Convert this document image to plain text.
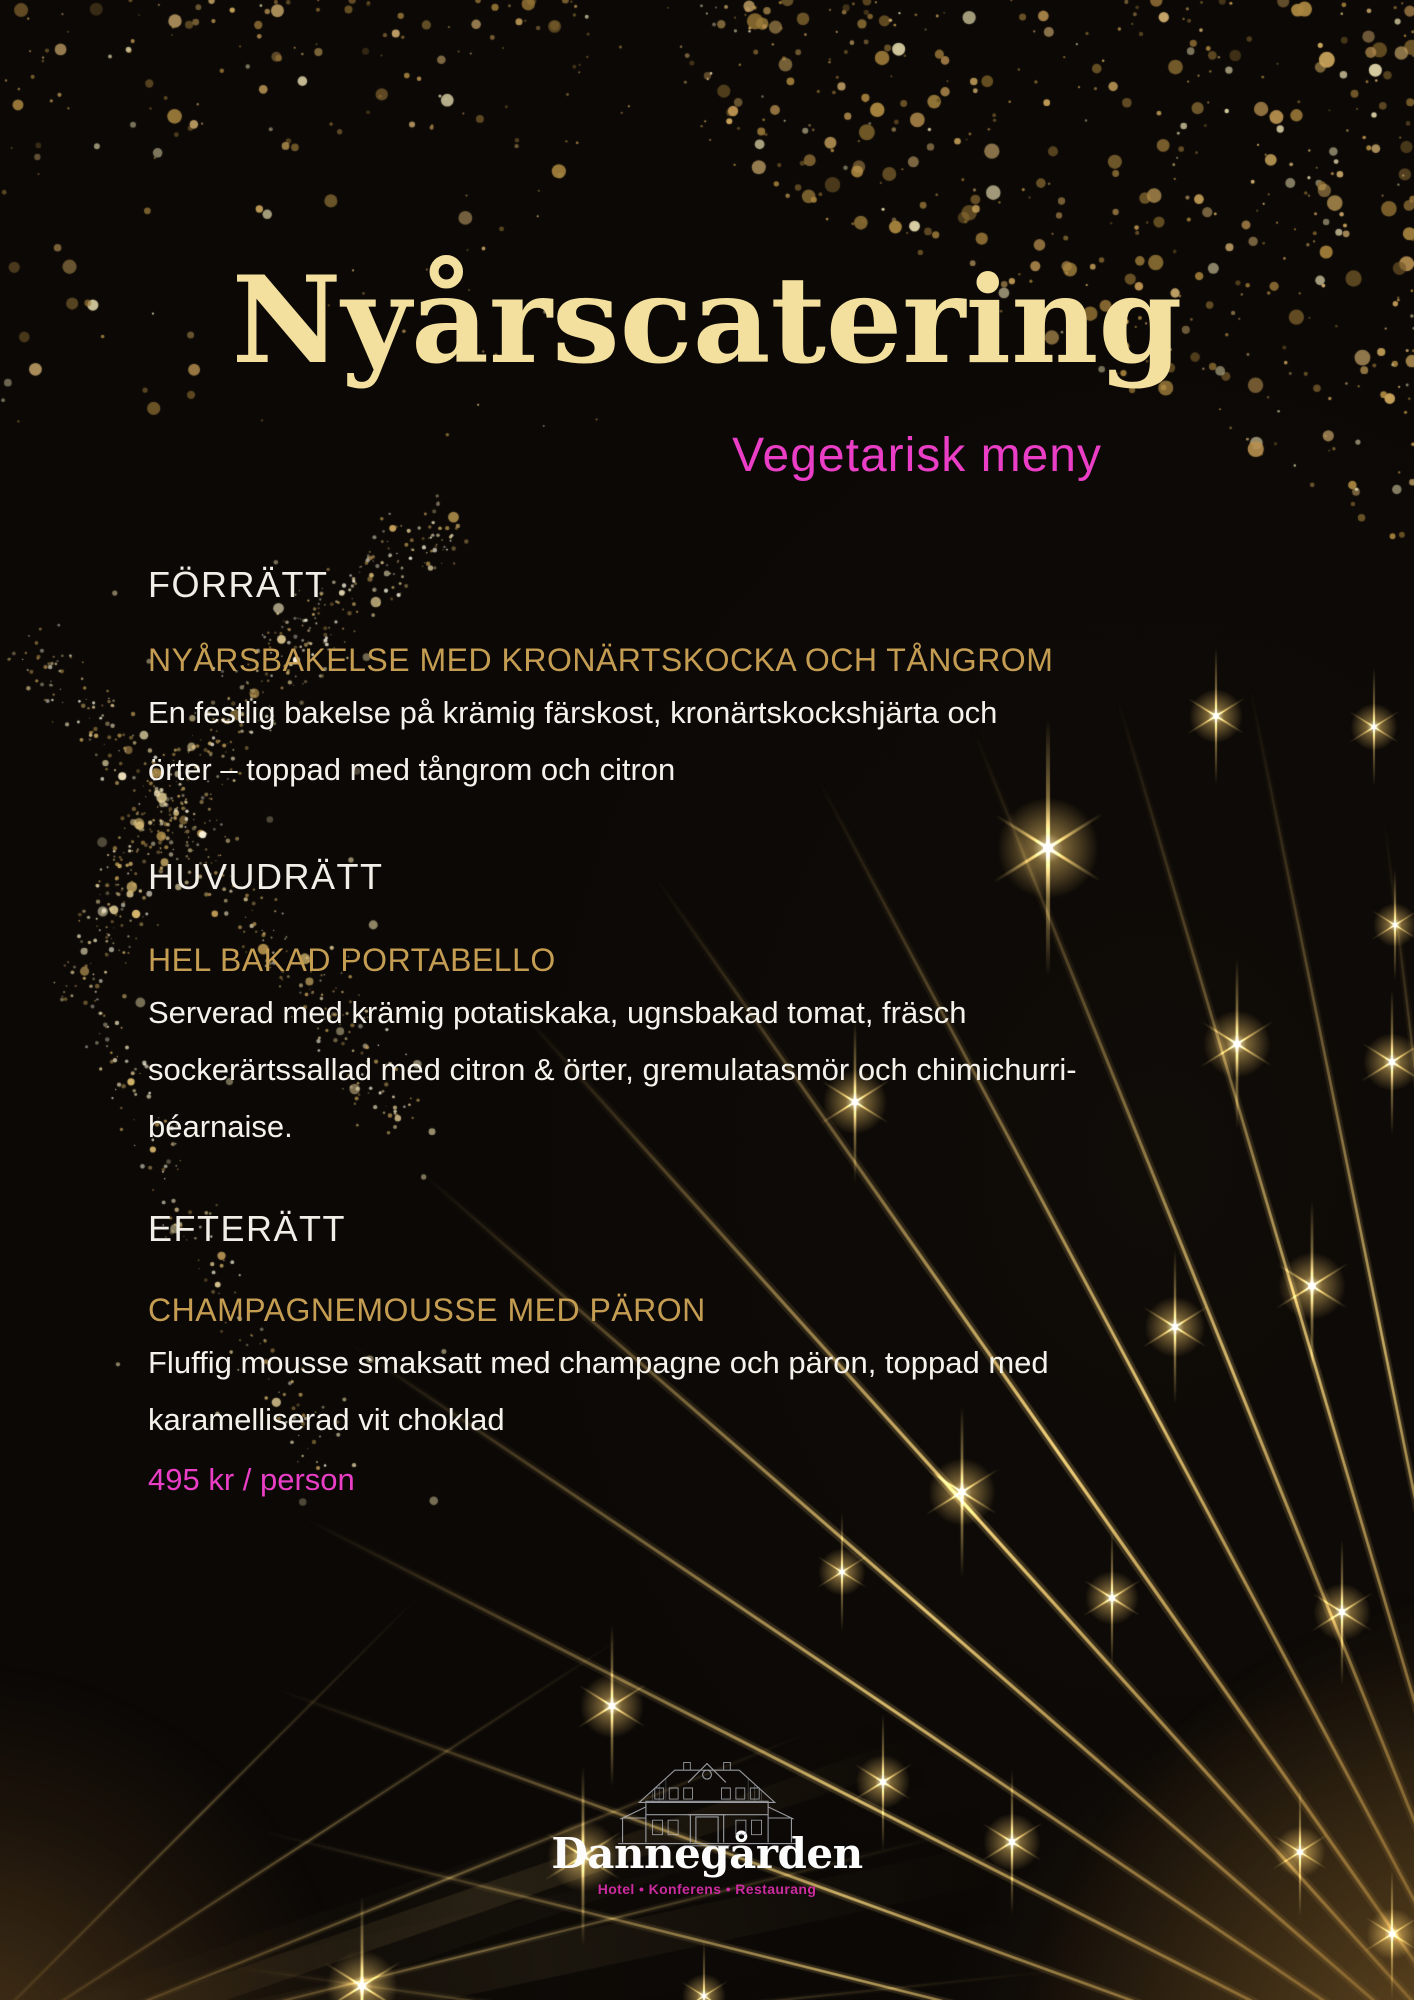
Nyårscatering
Vegetarisk meny
FÖRRÄTT
NYÅRSBAKELSE MED KRONÄRTSKOCKA OCH TÅNGROM
En festlig bakelse på krämig färskost, kronärtskockshjärta och
örter – toppad med tångrom och citron
HUVUDRÄTT
HEL BAKAD PORTABELLO
Serverad med krämig potatiskaka, ugnsbakad tomat, fräsch
sockerärtssallad med citron & örter, gremulatasmör och chimichurri-
béarnaise.
EFTERÄTT
CHAMPAGNEMOUSSE MED PÄRON
Fluffig mousse smaksatt med champagne och päron, toppad med
karamelliserad vit choklad
495 kr / person
Dannegården
Hotel • Konferens • Restaurang
